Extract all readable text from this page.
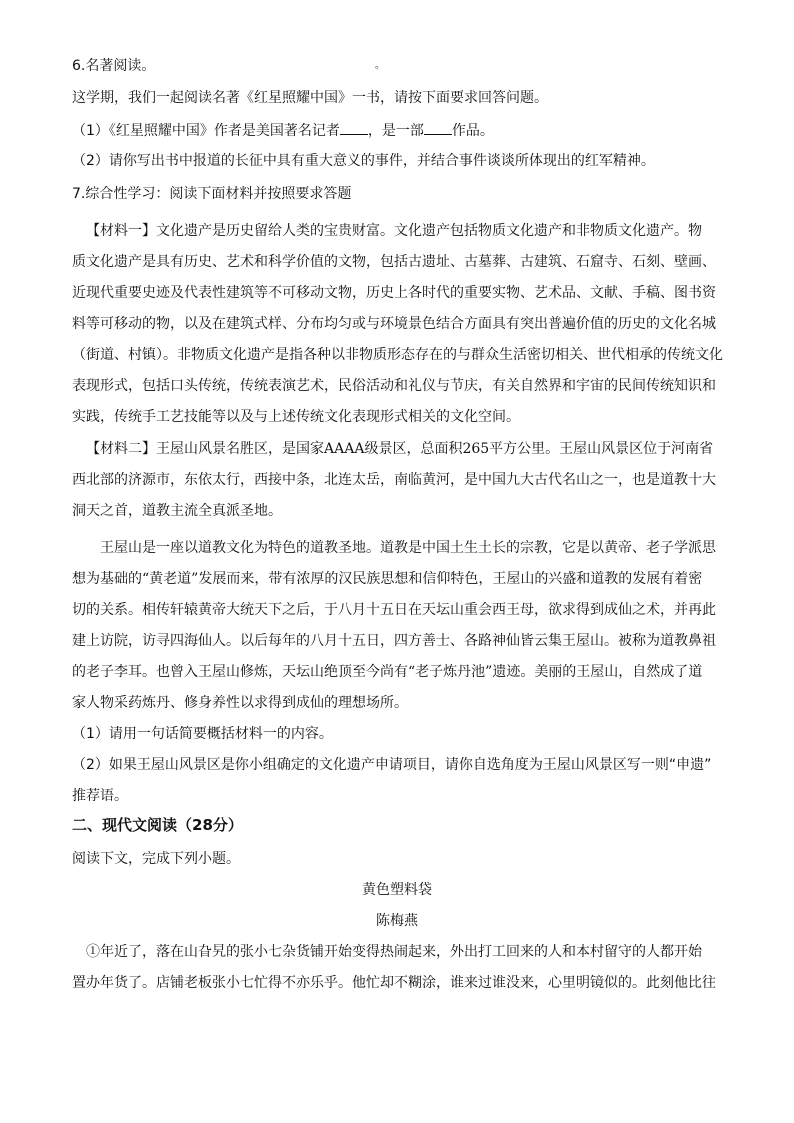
6.名著阅读。	。
这学期，我们一起阅读名著《红星照耀中国》一书，请按下面要求回答问题。
（1）《红星照耀中国》作者是美国著名记者 ，是一部 作品。
（2）请你写出书中报道的长征中具有重大意义的事件，并结合事件谈谈所体现出的红军精神。
7.综合性学习：阅读下面材料并按照要求答题
【材料一】文化遗产是历史留给人类的宝贵财富。文化遗产包括物质文化遗产和非物质文化遗产。物
质文化遗产是具有历史、艺术和科学价值的文物，包括古遗址、古墓葬、古建筑、石窟寺、石刻、壁画、
近现代重要史迹及代表性建筑等不可移动文物，历史上各时代的重要实物、艺术品、文献、手稿、图书资
料等可移动的物，以及在建筑式样、分布均匀或与环境景色结合方面具有突出普遍价值的历史的文化名城
（街道、村镇）。非物质文化遗产是指各种以非物质形态存在的与群众生活密切相关、世代相承的传统文化
表现形式，包括口头传统，传统表演艺术，民俗活动和礼仪与节庆，有关自然界和宇宙的民间传统知识和
实践，传统手工艺技能等以及与上述传统文化表现形式相关的文化空间。
【材料二】王屋山风景名胜区，是国家AAAA级景区，总面积265平方公里。王屋山风景区位于河南省
西北部的济源市，东依太行，西接中条，北连太岳，南临黄河，是中国九大古代名山之一，也是道教十大
洞天之首，道教主流全真派圣地。
王屋山是一座以道教文化为特色的道教圣地。道教是中国土生土长的宗教，它是以黄帝、老子学派思
想为基础的“黄老道”发展而来，带有浓厚的汉民族思想和信仰特色，王屋山的兴盛和道教的发展有着密
切的关系。相传轩辕黄帝大统天下之后，于八月十五日在天坛山重会西王母，欲求得到成仙之术，并再此
建上访院，访寻四海仙人。以后每年的八月十五日，四方善士、各路神仙皆云集王屋山。被称为道教鼻祖
的老子李耳。也曾入王屋山修炼，天坛山绝顶至今尚有“老子炼丹池”遗迹。美丽的王屋山，自然成了道
家人物采药炼丹、修身养性以求得到成仙的理想场所。
（1）请用一句话简要概括材料一的内容。
（2）如果王屋山风景区是你小组确定的文化遗产申请项目，请你自选角度为王屋山风景区写一则“申遗”
推荐语。
二、现代文阅读（28分）
阅读下文，完成下列小题。
黄色塑料袋
陈梅燕
①年近了，落在山旮旯的张小七杂货铺开始变得热闹起来，外出打工回来的人和本村留守的人都开始
置办年货了。店铺老板张小七忙得不亦乐乎。他忙却不糊涂，谁来过谁没来，心里明镜似的。此刻他比往
